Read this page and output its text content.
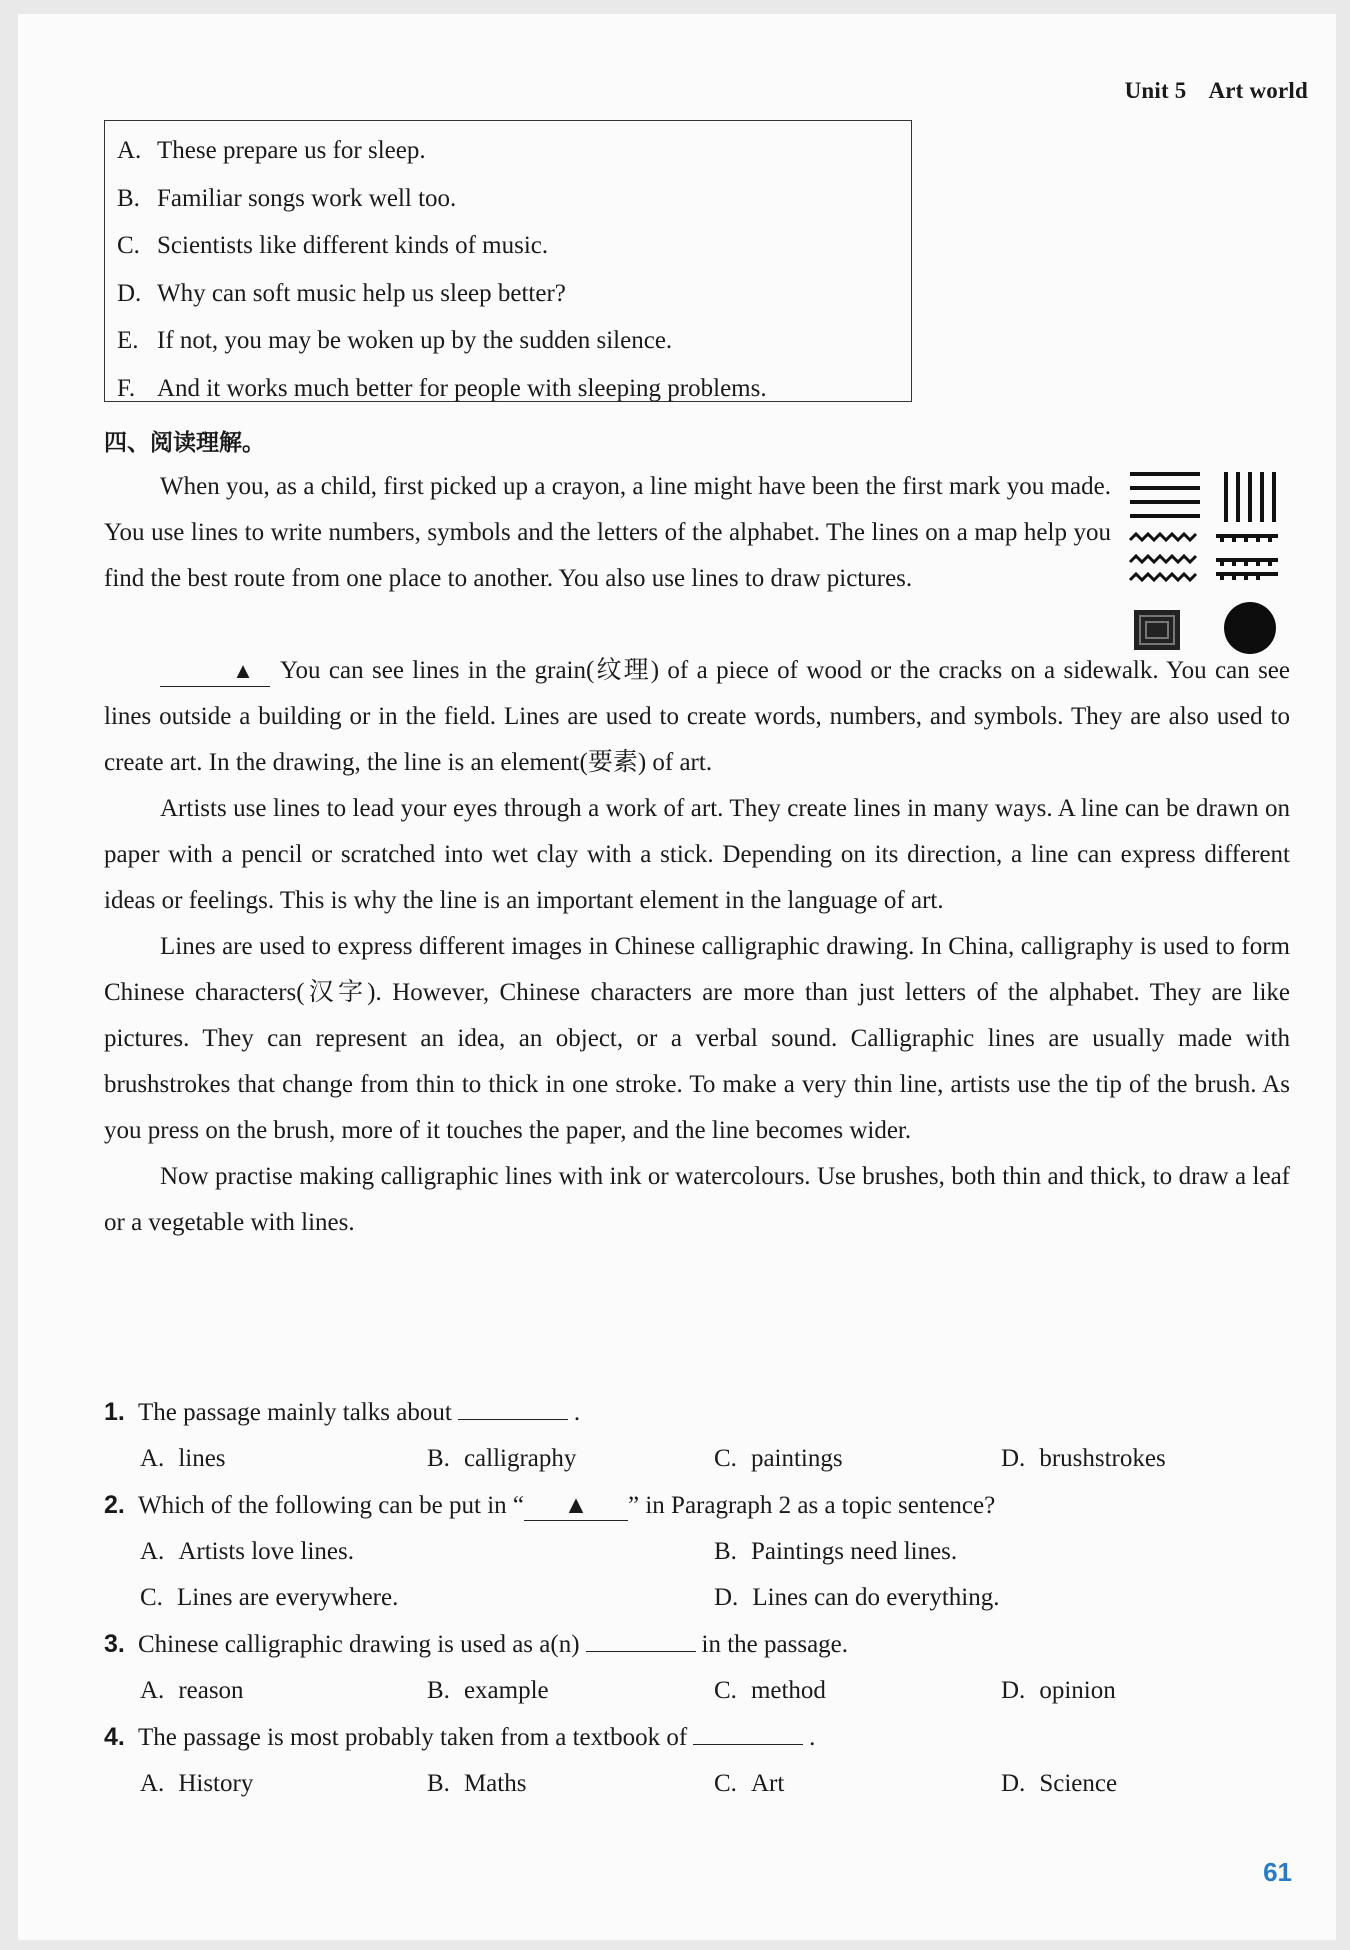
Unit 5 Art world
A. These prepare us for sleep.
B. Familiar songs work well too.
C. Scientists like different kinds of music.
D. Why can soft music help us sleep better?
E. If not, you may be woken up by the sudden silence.
F. And it works much better for people with sleeping problems.
四、阅读理解。

When you, as a child, first picked up a crayon, a line might have been the first mark you made. You use lines to write numbers, symbols and the letters of the alphabet. The lines on a map help you find the best route from one place to another. You also use lines to draw pictures.

▲ You can see lines in the grain(纹理) of a piece of wood or the cracks on a sidewalk. You can see lines outside a building or in the field. Lines are used to create words, numbers, and symbols. They are also used to create art. In the drawing, the line is an element(要素) of art.

Artists use lines to lead your eyes through a work of art. They create lines in many ways. A line can be drawn on paper with a pencil or scratched into wet clay with a stick. Depending on its direction, a line can express different ideas or feelings. This is why the line is an important element in the language of art.

Lines are used to express different images in Chinese calligraphic drawing. In China, calligraphy is used to form Chinese characters(汉字). However, Chinese characters are more than just letters of the alphabet. They are like pictures. They can represent an idea, an object, or a verbal sound. Calligraphic lines are usually made with brushstrokes that change from thin to thick in one stroke. To make a very thin line, artists use the tip of the brush. As you press on the brush, more of it touches the paper, and the line becomes wider.

Now practise making calligraphic lines with ink or watercolours. Use brushes, both thin and thick, to draw a leaf or a vegetable with lines.

1. The passage mainly talks about	.
A. lines	B. calligraphy	C. paintings	D. brushstrokes
2. Which of the following can be put in “ ▲ ” in Paragraph 2 as a topic sentence?
A. Artists love lines.	B. Paintings need lines.
C. Lines are everywhere.	D. Lines can do everything.
3. Chinese calligraphic drawing is used as a(n)	in the passage.
A. reason	B. example	C. method	D. opinion
4. The passage is most probably taken from a textbook of	.
A. History	B. Maths	C. Art	D. Science
61
